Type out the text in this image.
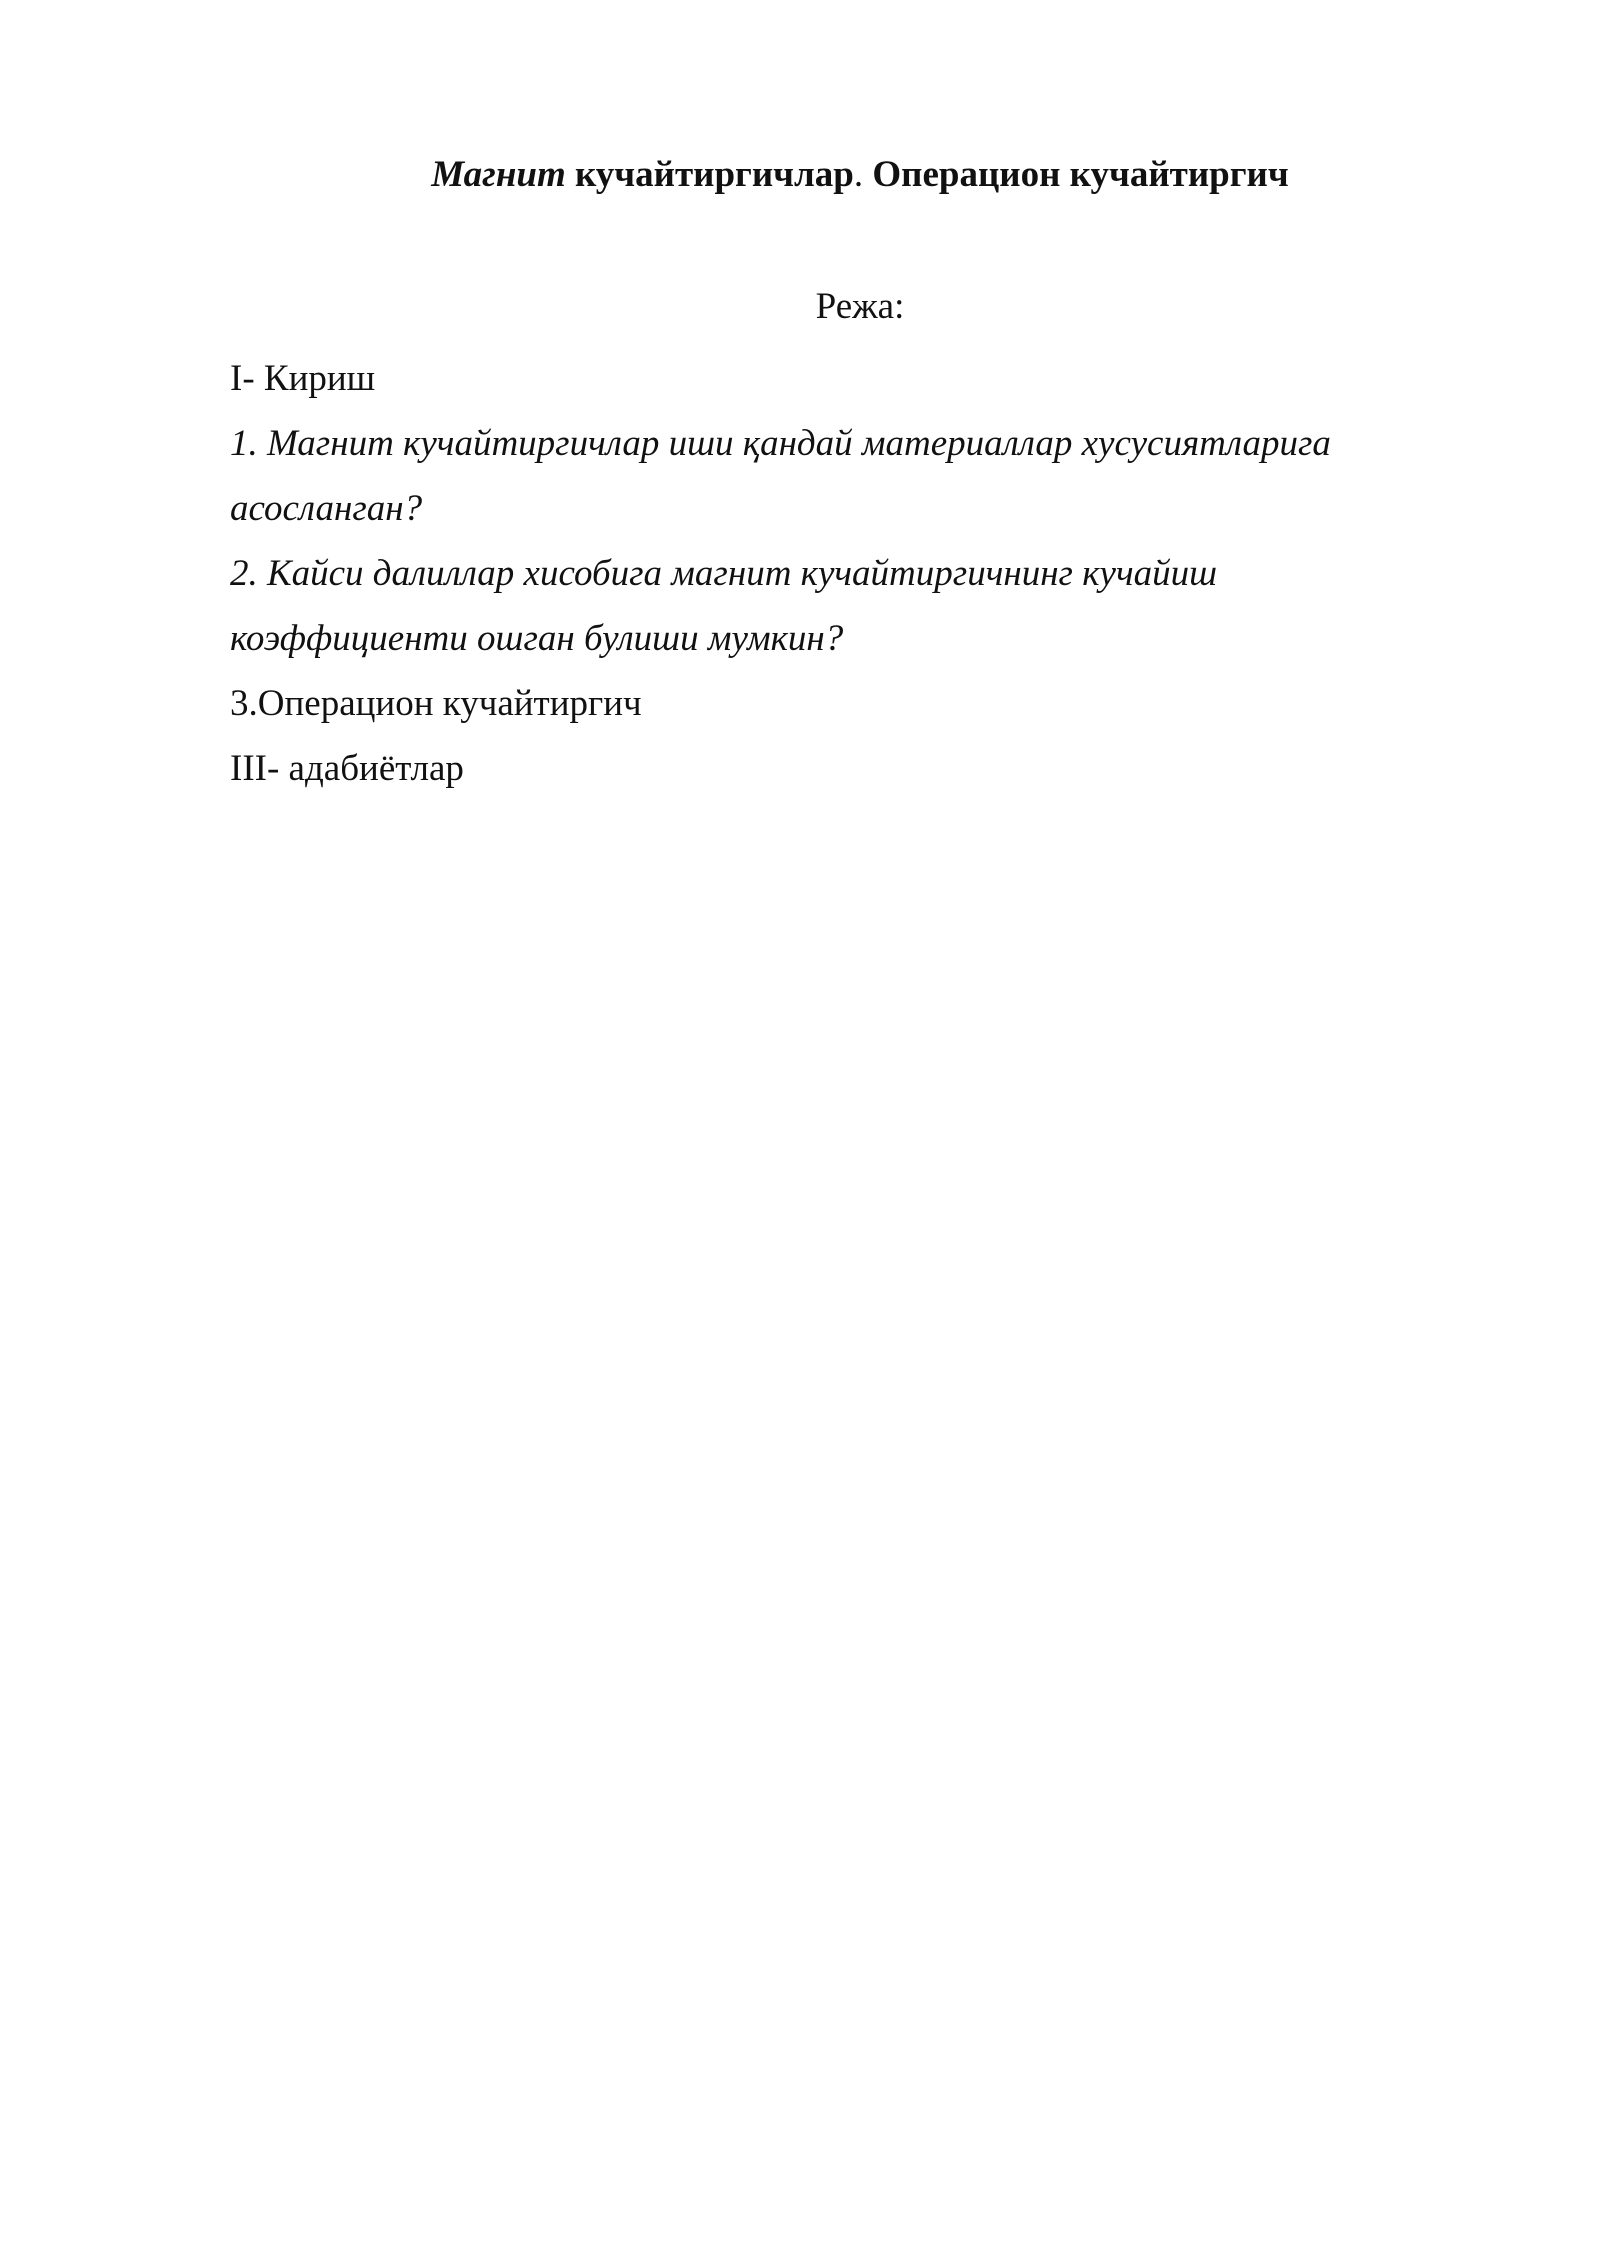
Магнит кучайтиргичлар. Операцион кучайтиргич
Режа:
I- Кириш
1. Магнит кучайтиргичлар иши қандай материаллар хусусиятларига
асосланган?
2. Кайси далиллар хисобига магнит кучайтиргичнинг кучайиш
коэффициенти ошган булиши мумкин?
3.Операцион кучайтиргич
III- адабиётлар
